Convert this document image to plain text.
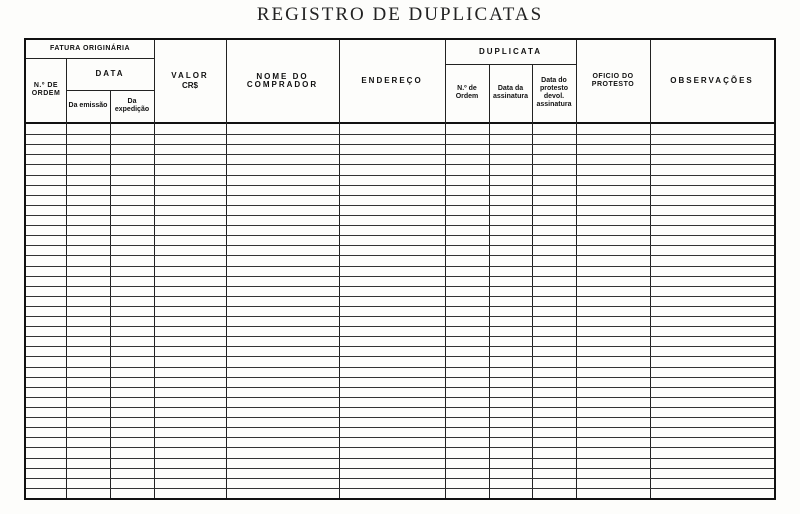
REGISTRO DE DUPLICATAS
FATURA ORIGINÁRIA
N.º DE ORDEM
DATA
Da emissão
Da expedição
VALOR
CR$
NOME DO COMPRADOR	ENDEREÇO
DUPLICATA
N.º de Ordem
Data da assinatura
Data do protesto devol. assinatura
OFICIO DO PROTESTO	OBSERVAÇÕES
